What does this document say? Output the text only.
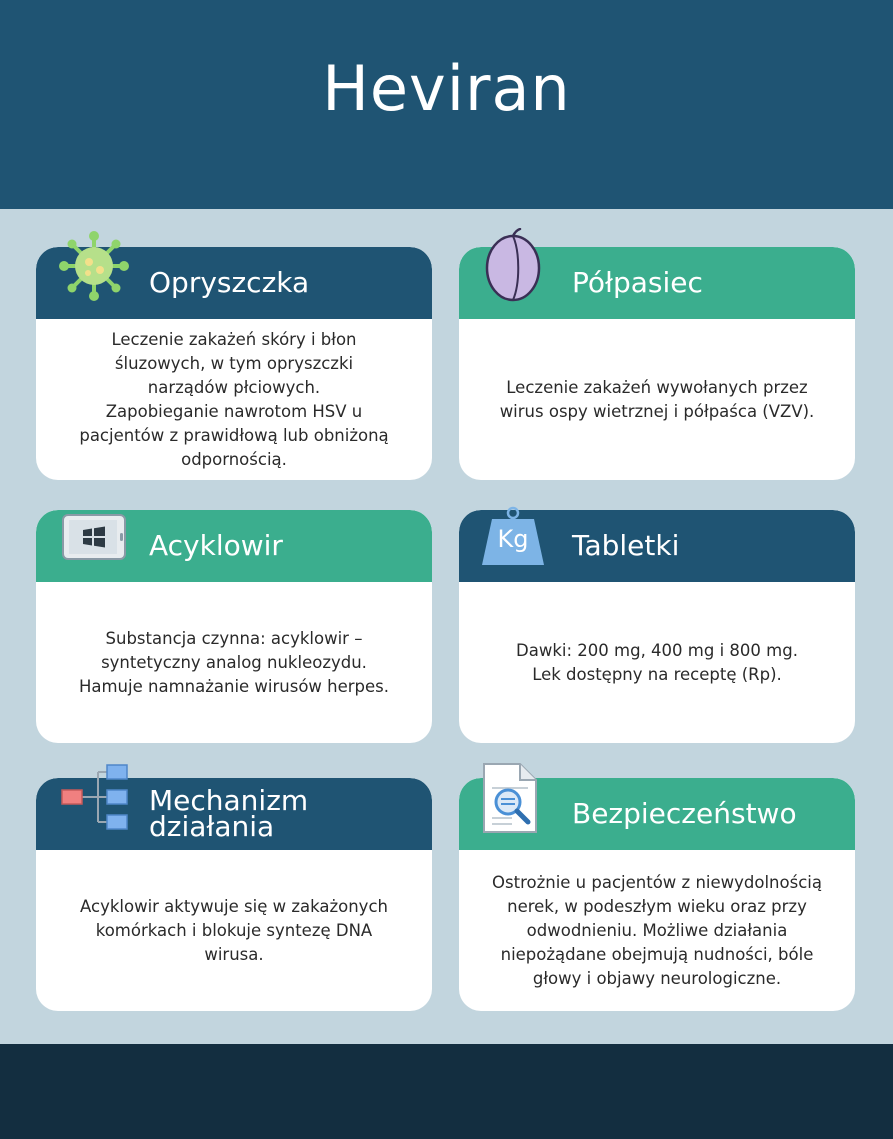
Heviran
Opryszczka
Leczenie zakażeń skóry i błon
śluzowych, w tym opryszczki
narządów płciowych.
Zapobieganie nawrotom HSV u
pacjentów z prawidłową lub obniżoną
odpornością.
Półpasiec
Leczenie zakażeń wywołanych przez
wirus ospy wietrznej i półpaśca (VZV).
Acyklowir
Substancja czynna: acyklowir –
syntetyczny analog nukleozydu.
Hamuje namnażanie wirusów herpes.
Tabletki
Dawki: 200 mg, 400 mg i 800 mg.
Lek dostępny na receptę (Rp).
Kg
Mechanizm
działania
Acyklowir aktywuje się w zakażonych
komórkach i blokuje syntezę DNA
wirusa.
Bezpieczeństwo
Ostrożnie u pacjentów z niewydolnością
nerek, w podeszłym wieku oraz przy
odwodnieniu. Możliwe działania
niepożądane obejmują nudności, bóle
głowy i objawy neurologiczne.
